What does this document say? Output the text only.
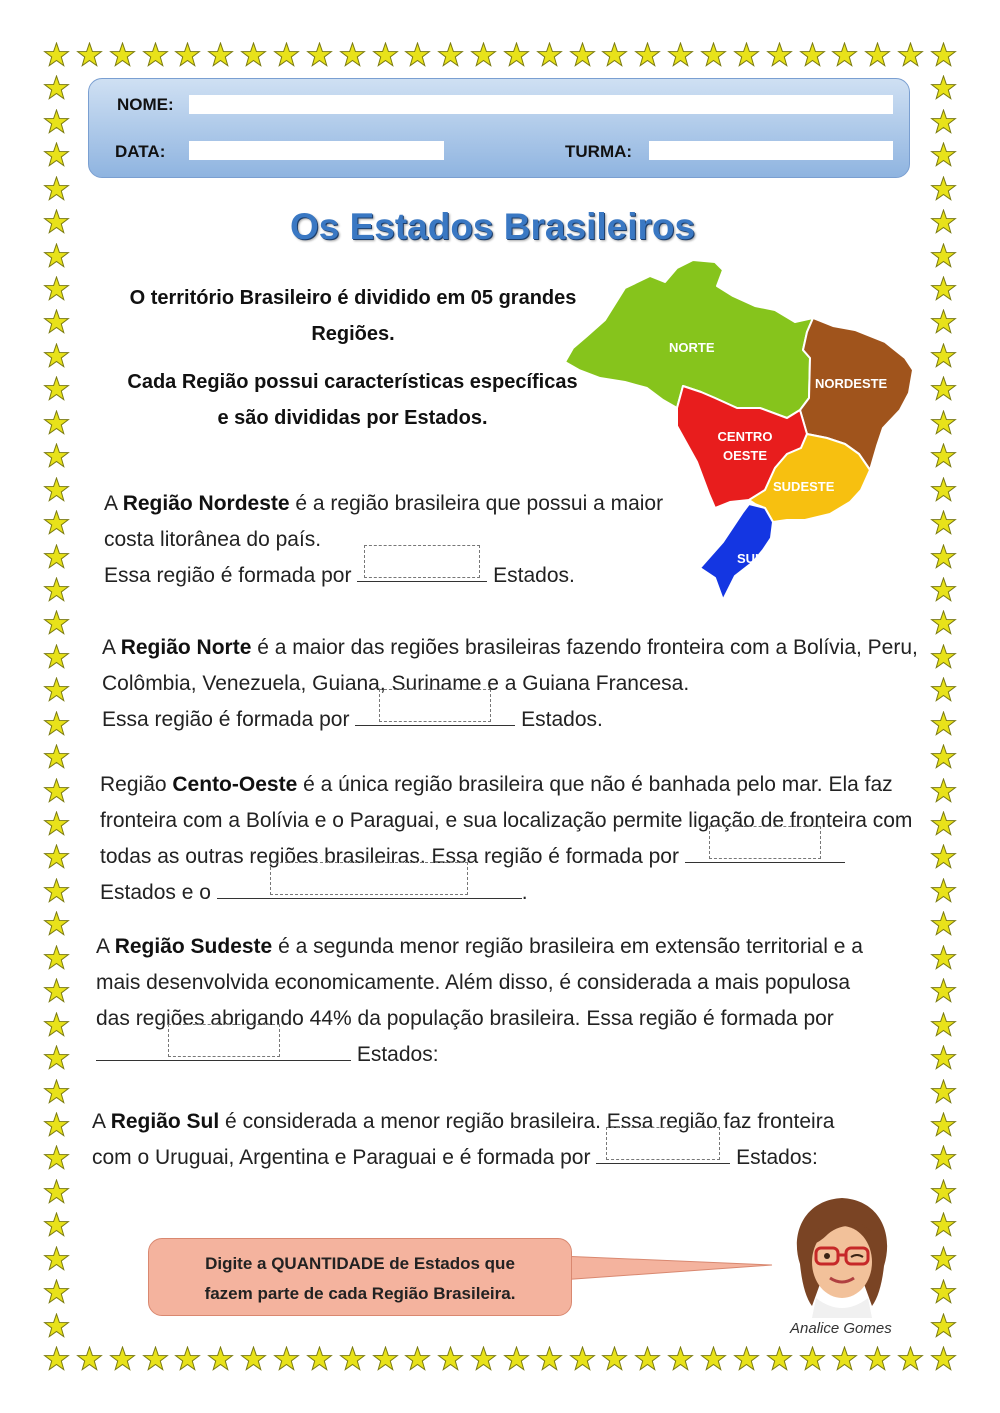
NOME:
DATA:	TURMA:
Os Estados Brasileiros
O território Brasileiro é dividido em 05 grandes Regiões.
Cada Região possui características específicas e são divididas por Estados.
NORTE
NORDESTE
CENTRO
OESTE
SUDESTE
SUL
A Região Nordeste é a região brasileira que possui a maior costa litorânea do país.
Essa região é formada por	Estados.
A Região Norte é a maior das regiões brasileiras fazendo fronteira com a Bolívia, Peru, Colômbia, Venezuela, Guiana, Suriname e a Guiana Francesa.
Essa região é formada por	Estados.
Região Cento-Oeste é a única região brasileira que não é banhada pelo mar. Ela faz fronteira com a Bolívia e o Paraguai, e sua localização permite ligação de fronteira com todas as outras regiões brasileiras. Essa região é formada por
Estados e o	.
A Região Sudeste é a segunda menor região brasileira em extensão territorial e a mais desenvolvida economicamente. Além disso, é considerada a mais populosa das regiões abrigando 44% da população brasileira. Essa região é formada por
Estados:
A Região Sul é considerada a menor região brasileira. Essa região faz fronteira com o Uruguai, Argentina e Paraguai e é formada por	Estados:
Digite a QUANTIDADE de Estados que
fazem parte de cada Região Brasileira.
Analice Gomes
